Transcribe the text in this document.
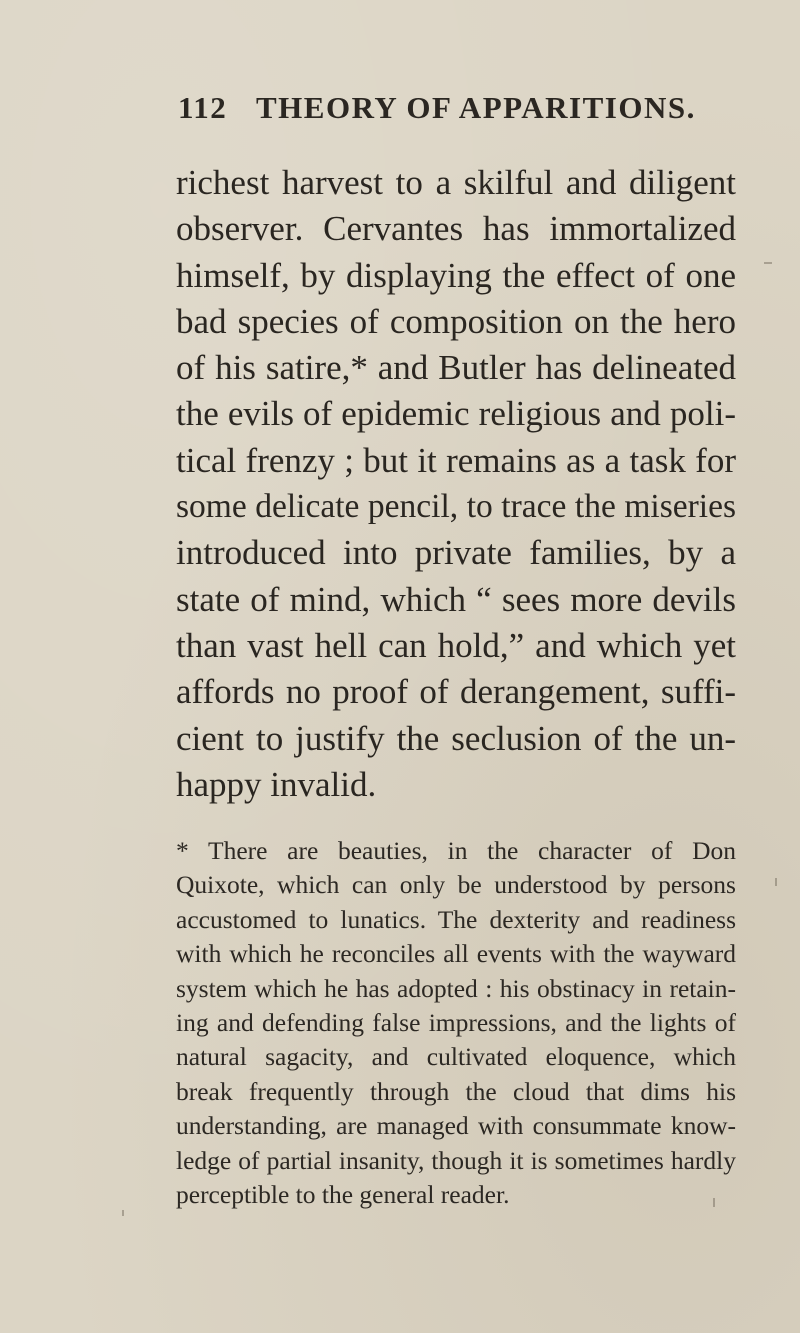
112 THEORY OF APPARITIONS.
richest harvest to a skilful and diligent
observer. Cervantes has immortalized
himself, by displaying the effect of one
bad species of composition on the hero
of his satire,* and Butler has delineated
the evils of epidemic religious and poli-
tical frenzy ; but it remains as a task for
some delicate pencil, to trace the miseries
introduced into private families, by a
state of mind, which “ sees more devils
than vast hell can hold,” and which yet
affords no proof of derangement, suffi-
cient to justify the seclusion of the un-
happy invalid.
* There are beauties, in the character of Don
Quixote, which can only be understood by persons
accustomed to lunatics. The dexterity and readiness
with which he reconciles all events with the wayward
system which he has adopted : his obstinacy in retain-
ing and defending false impressions, and the lights of
natural sagacity, and cultivated eloquence, which
break frequently through the cloud that dims his
understanding, are managed with consummate know-
ledge of partial insanity, though it is sometimes hardly
perceptible to the general reader.
